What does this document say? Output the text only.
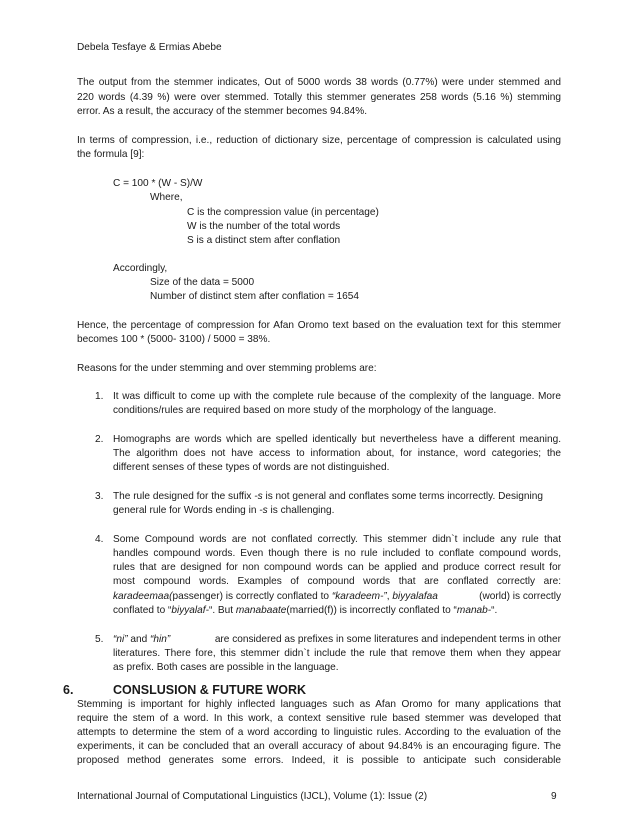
Debela Tesfaye & Ermias Abebe
The output from the stemmer indicates, Out of 5000 words 38 words (0.77%) were under stemmed and
220 words (4.39 %) were over stemmed. Totally this stemmer generates 258 words (5.16 %) stemming
error. As a result, the accuracy of the stemmer becomes 94.84%.
In terms of compression, i.e., reduction of dictionary size, percentage of compression is calculated using
the formula [9]:
C = 100 * (W - S)/W
Where,
C is the compression value (in percentage)
W is the number of the total words
S is a distinct stem after conflation
Accordingly,
Size of the data = 5000
Number of distinct stem after conflation = 1654
Hence, the percentage of compression for Afan Oromo text based on the evaluation text for this stemmer
becomes 100 * (5000- 3100) / 5000 = 38%.
Reasons for the under stemming and over stemming problems are:
1. It was difficult to come up with the complete rule because of the complexity of the language. More
conditions/rules are required based on more study of the morphology of the language.
2. Homographs are words which are spelled identically but nevertheless have a different meaning.
The algorithm does not have access to information about, for instance, word categories; the
different senses of these types of words are not distinguished.
3. The rule designed for the suffix -s is not general and conflates some terms incorrectly. Designing
general rule for Words ending in -s is challenging.
4. Some Compound words are not conflated correctly. This stemmer didn`t include any rule that
handles compound words. Even though there is no rule included to conflate compound words,
rules that are designed for non compound words can be applied and produce correct result for
most compound words. Examples of compound words that are conflated correctly are:
karadeemaa(passenger) is correctly conflated to “karadeem-”, biyyalafaa	(world) is correctly
conflated to “biyyalaf-“. But manabaate(married(f)) is incorrectly conflated to “manab-“.
5. “ni” and “hin”	are considered as prefixes in some literatures and independent terms in other
literatures. There fore, this stemmer didn`t include the rule that remove them when they appear
as prefix. Both cases are possible in the language.
6.	CONSLUSION & FUTURE WORK
Stemming is important for highly inflected languages such as Afan Oromo for many applications that
require the stem of a word. In this work, a context sensitive rule based stemmer was developed that
attempts to determine the stem of a word according to linguistic rules. According to the evaluation of the
experiments, it can be concluded that an overall accuracy of about 94.84% is an encouraging figure. The
proposed method generates some errors. Indeed, it is possible to anticipate such considerable
International Journal of Computational Linguistics (IJCL), Volume (1): Issue (2)	9
